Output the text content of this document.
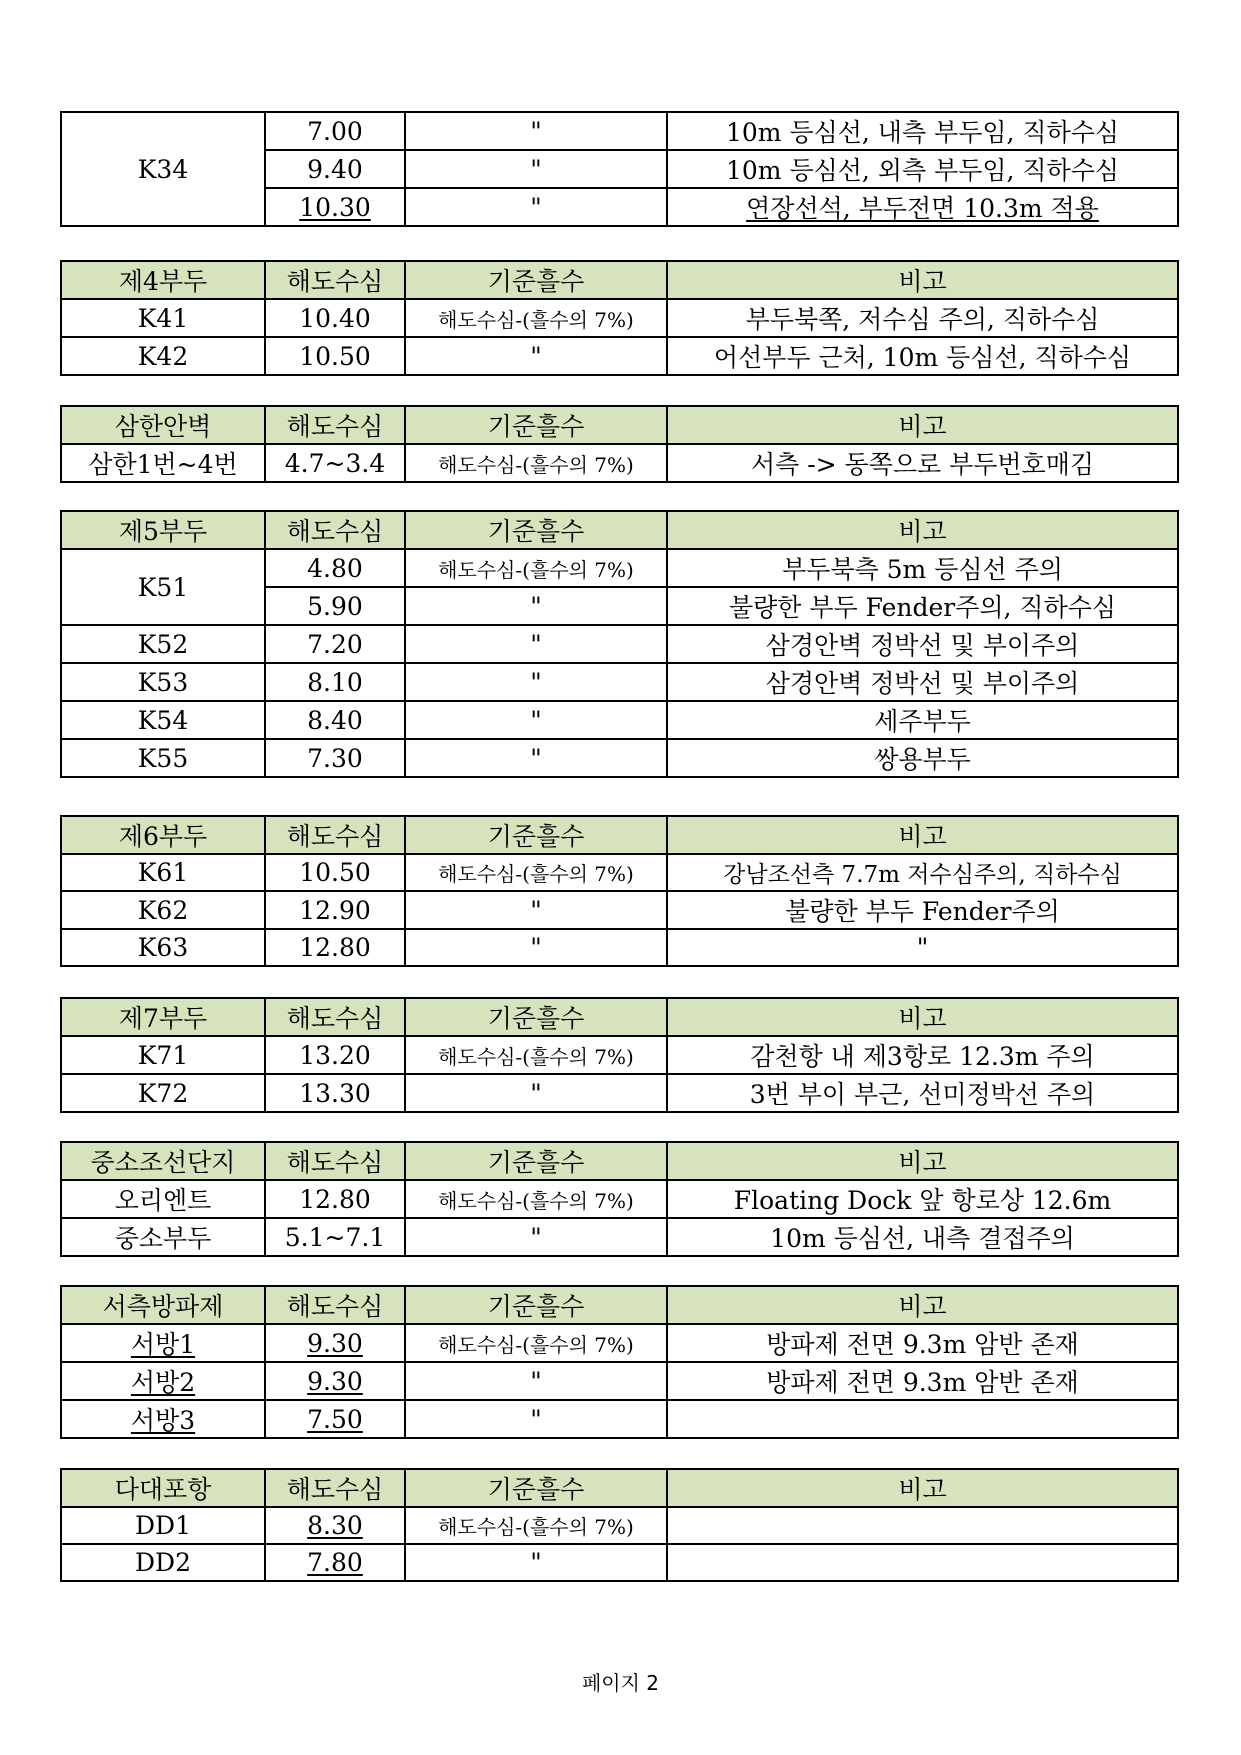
K34	7.00	"	10m 등심선, 내측 부두임, 직하수심
	9.40	"	10m 등심선, 외측 부두임, 직하수심
	10.30	"	연장선석, 부두전면 10.3m 적용
제4부두	해도수심	기준흘수	비고
K41	10.40	해도수심-(흘수의 7%)	부두북쪽, 저수심 주의, 직하수심
K42	10.50	"	어선부두 근처, 10m 등심선, 직하수심
삼한안벽	해도수심	기준흘수	비고
삼한1번~4번	4.7~3.4	해도수심-(흘수의 7%)	서측 -> 동쪽으로 부두번호매김
제5부두	해도수심	기준흘수	비고
K51	4.80	해도수심-(흘수의 7%)	부두북측 5m 등심선 주의
	5.90	"	불량한 부두 Fender주의, 직하수심
K52	7.20	"	삼경안벽 정박선 및 부이주의
K53	8.10	"	삼경안벽 정박선 및 부이주의
K54	8.40	"	세주부두
K55	7.30	"	쌍용부두
제6부두	해도수심	기준흘수	비고
K61	10.50	해도수심-(흘수의 7%)	강남조선측 7.7m 저수심주의, 직하수심
K62	12.90	"	불량한 부두 Fender주의
K63	12.80	"	"
제7부두	해도수심	기준흘수	비고
K71	13.20	해도수심-(흘수의 7%)	감천항 내 제3항로 12.3m 주의
K72	13.30	"	3번 부이 부근, 선미정박선 주의
중소조선단지	해도수심	기준흘수	비고
오리엔트	12.80	해도수심-(흘수의 7%)	Floating Dock 앞 항로상 12.6m
중소부두	5.1~7.1	"	10m 등심선, 내측 결접주의
서측방파제	해도수심	기준흘수	비고
서방1	9.30	해도수심-(흘수의 7%)	방파제 전면 9.3m 암반 존재
서방2	9.30	"	방파제 전면 9.3m 암반 존재
서방3	7.50	"	
다대포항	해도수심	기준흘수	비고
DD1	8.30	해도수심-(흘수의 7%)	
DD2	7.80	"	
페이지 2
